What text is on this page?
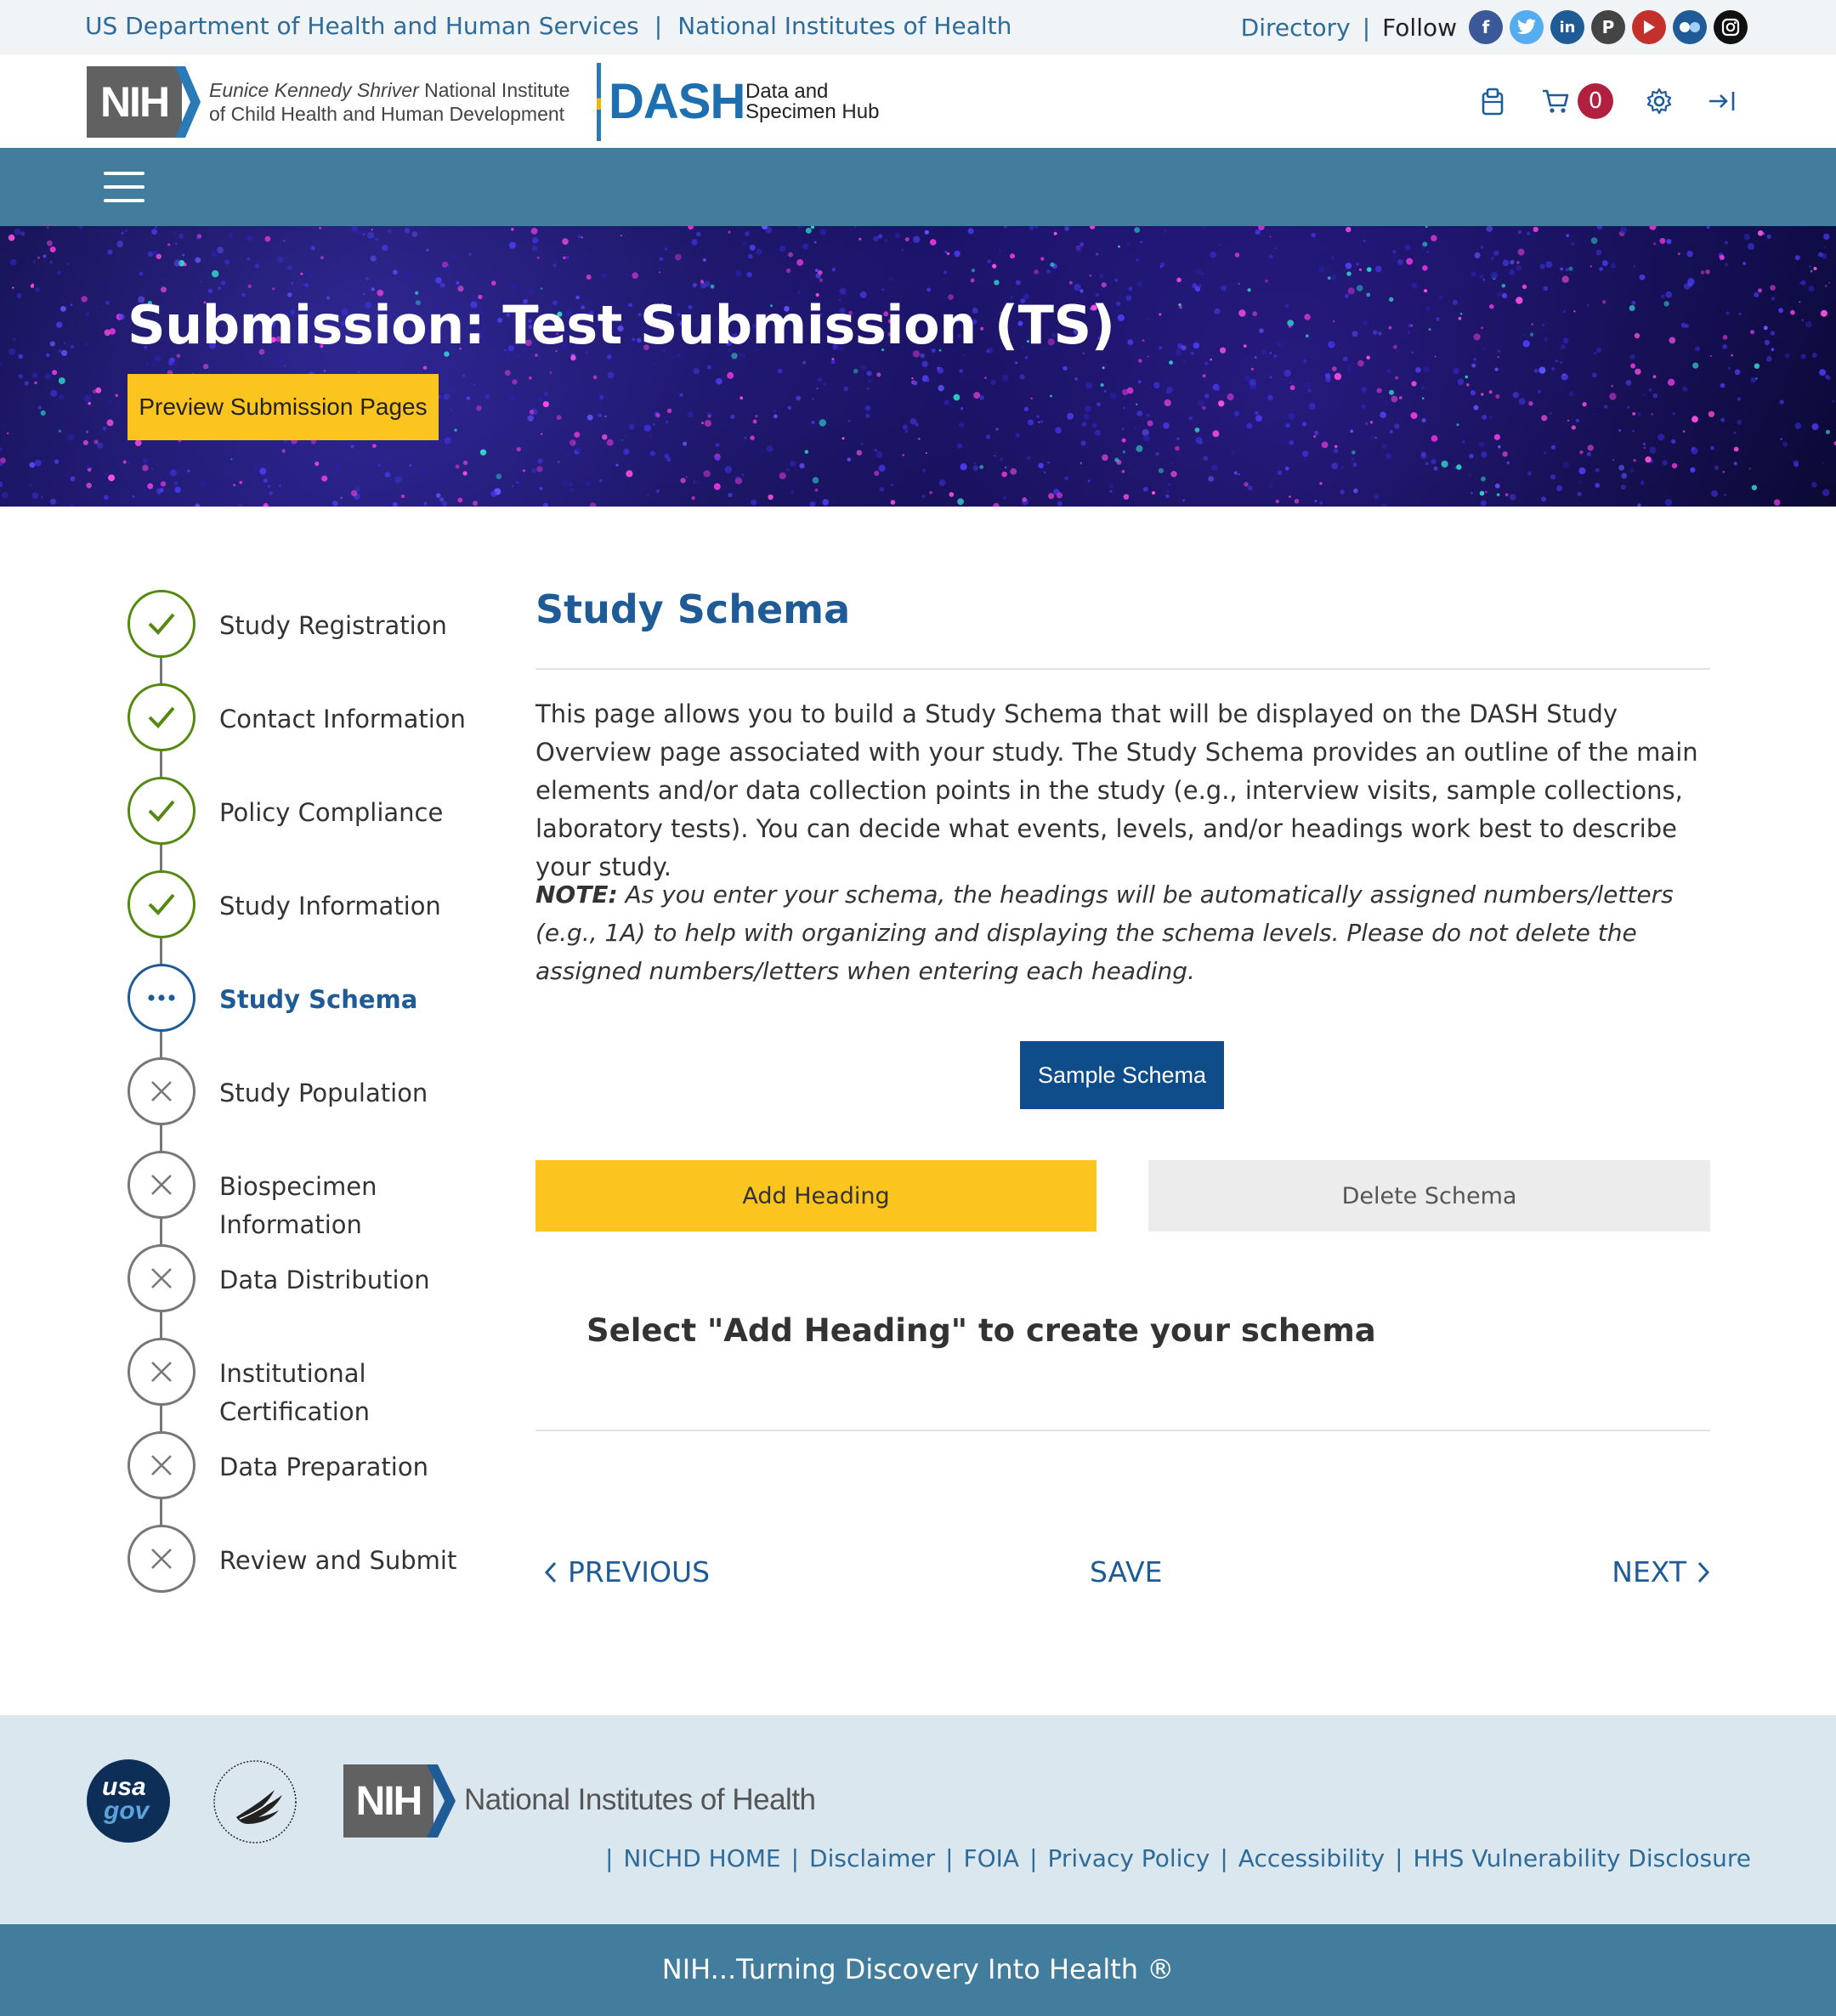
US Department of Health and Human Services | National Institutes of Health	Directory | Follow	f	in	P
NIH	Eunice Kennedy Shriver National Institute
of Child Health and Human Development DASH Data and
Specimen Hub	0
Submission: Test Submission (TS)
Preview Submission Pages
Study Registration
Contact Information
Policy Compliance
Study Information
Study Schema
Study Population
Biospecimen Information
Data Distribution
Institutional Certification
Data Preparation
Review and Submit
Study Schema

This page allows you to build a Study Schema that will be displayed on the DASH Study Overview page associated with your study. The Study Schema provides an outline of the main elements and/or data collection points in the study (e.g., interview visits, sample collections, laboratory tests). You can decide what events, levels, and/or headings work best to describe your study.

NOTE: As you enter your schema, the headings will be automatically assigned numbers/letters (e.g., 1A) to help with organizing and displaying the schema levels. Please do not delete the assigned numbers/letters when entering each heading.

Sample Schema
Add Heading	Delete Schema
Select "Add Heading" to create your schema
PREVIOUS	SAVE	NEXT
usa
gov	NIH	National Institutes of Health
| NICHD HOME | Disclaimer | FOIA | Privacy Policy | Accessibility | HHS Vulnerability Disclosure
NIH...Turning Discovery Into Health ®
